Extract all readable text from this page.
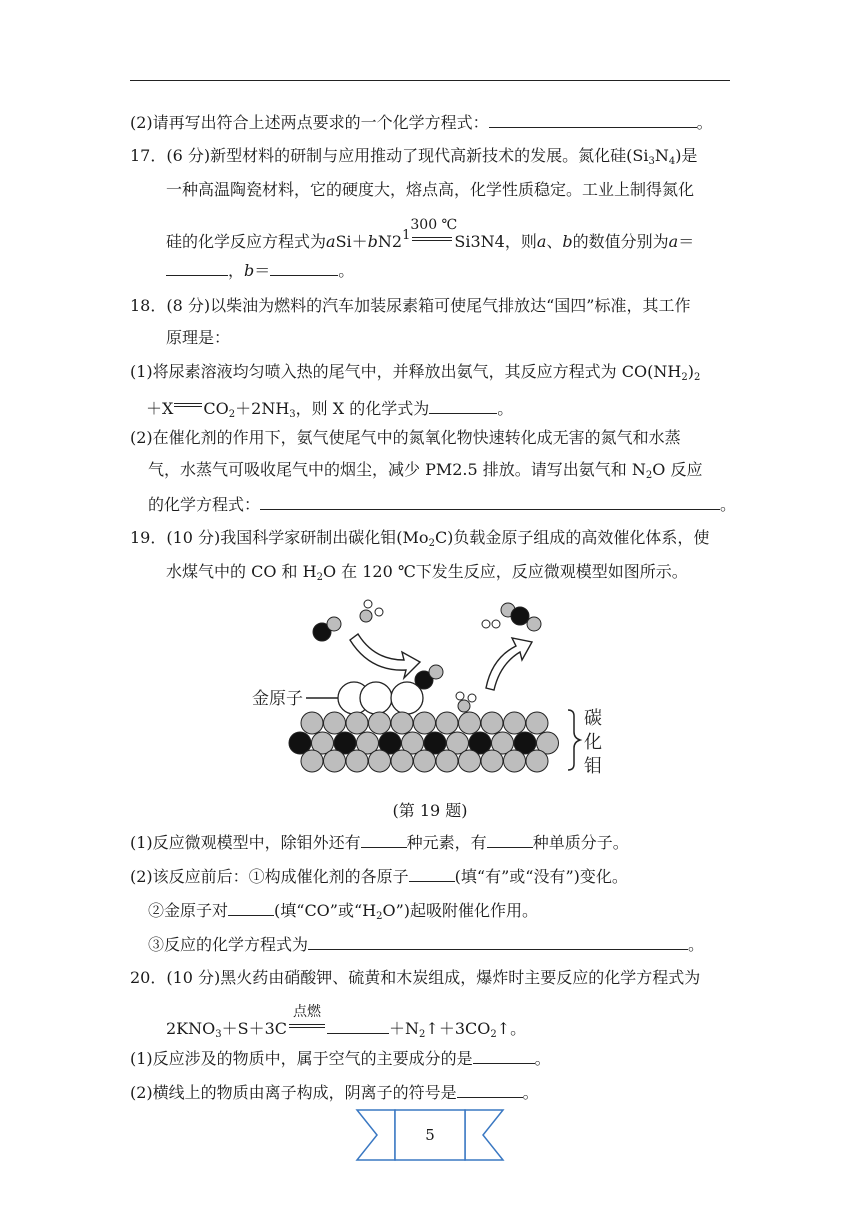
(2)请再写出符合上述两点要求的一个化学方程式：	。
17．(6 分)新型材料的研制与应用推动了现代高新技术的发展。氮化硅$(Si_3N_4)$是
一种高温陶瓷材料，它的硬度大，熔点高，化学性质稳定。工业上制得氮化
硅的化学反应方程式为$aSi+bN2^1$
300 ℃
Si3N4，则a、b的数值分别为a＝
，b＝	。
18．(8 分)以柴油为燃料的汽车加装尿素箱可使尾气排放达“国四”标准，其工作
原理是：
(1)将尿素溶液均匀喷入热的尾气中，并释放出氨气，其反应方程式为 $CO(NH_2)_2$
＋X $CO_2+2NH_3$，则 X 的化学式为	。
(2)在催化剂的作用下，氨气使尾气中的氮氧化物快速转化成无害的氮气和水蒸
气，水蒸气可吸收尾气中的烟尘，减少 PM2.5 排放。请写出氨气和 $N_2O$ 反应
的化学方程式：	。
19．(10 分)我国科学家研制出碳化钼$(Mo_2C)$负载金原子组成的高效催化体系，使
水煤气中的 CO 和 $H_2O$ 在 120 ℃下发生反应，反应微观模型如图所示。
金原子
碳
化
钼
(第 19 题)
(1)反应微观模型中，除钼外还有	种元素，有	种单质分子。
(2)该反应前后：①构成催化剂的各原子	(填“有”或“没有”)变化。
②金原子对	(填“CO”或“$H_2O$”)起吸附催化作用。
③反应的化学方程式为	。
20．(10 分)黑火药由硝酸钾、硫黄和木炭组成，爆炸时主要反应的化学方程式为
$2KNO_3+S+3C$
点燃
$+N_2↑+3CO_2↑$。
(1)反应涉及的物质中，属于空气的主要成分的是	。
(2)横线上的物质由离子构成，阴离子的符号是	。
5
